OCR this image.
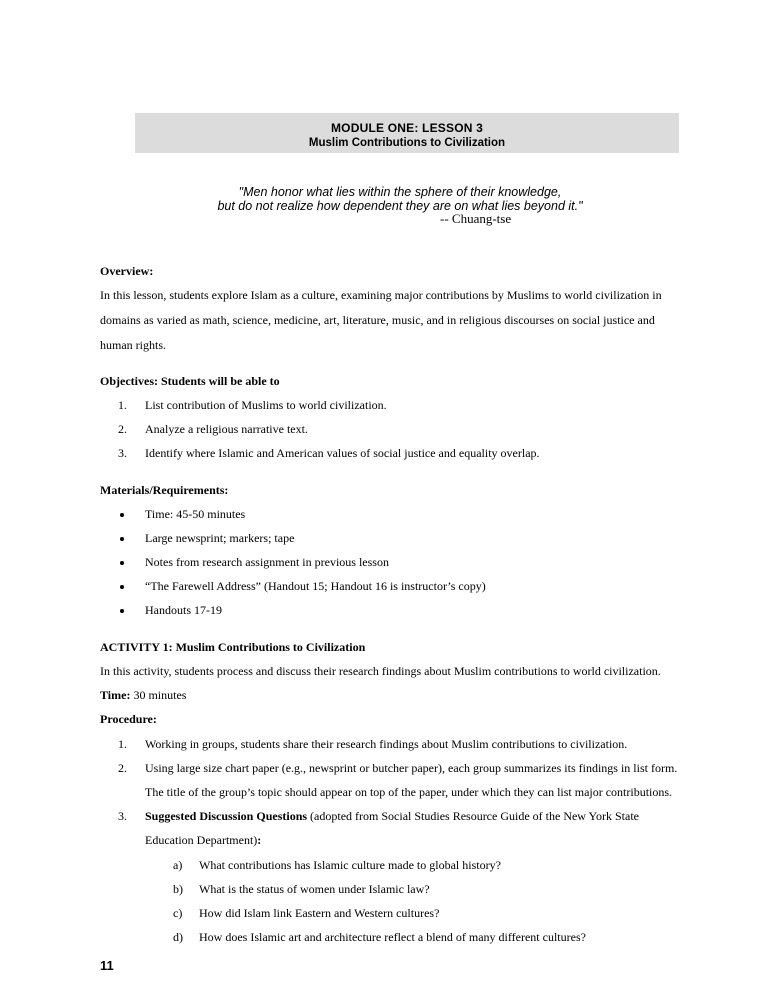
MODULE ONE: LESSON 3
Muslim Contributions to Civilization
"Men honor what lies within the sphere of their knowledge,
but do not realize how dependent they are on what lies beyond it."
-- Chuang-tse
Overview:
In this lesson, students explore Islam as a culture, examining major contributions by Muslims to world civilization in
domains as varied as math, science, medicine, art, literature, music, and in religious discourses on social justice and
human rights.
Objectives: Students will be able to
1. List contribution of Muslims to world civilization.
2. Analyze a religious narrative text.
3. Identify where Islamic and American values of social justice and equality overlap.
Materials/Requirements:
Time: 45-50 minutes
Large newsprint; markers; tape
Notes from research assignment in previous lesson
“The Farewell Address” (Handout 15; Handout 16 is instructor’s copy)
Handouts 17-19
ACTIVITY 1: Muslim Contributions to Civilization
In this activity, students process and discuss their research findings about Muslim contributions to world civilization.
Time: 30 minutes
Procedure:
1. Working in groups, students share their research findings about Muslim contributions to civilization.
2. Using large size chart paper (e.g., newsprint or butcher paper), each group summarizes its findings in list form.
The title of the group’s topic should appear on top of the paper, under which they can list major contributions.
3. Suggested Discussion Questions (adopted from Social Studies Resource Guide of the New York State
Education Department):
a) What contributions has Islamic culture made to global history?
b) What is the status of women under Islamic law?
c) How did Islam link Eastern and Western cultures?
d) How does Islamic art and architecture reflect a blend of many different cultures?
11
